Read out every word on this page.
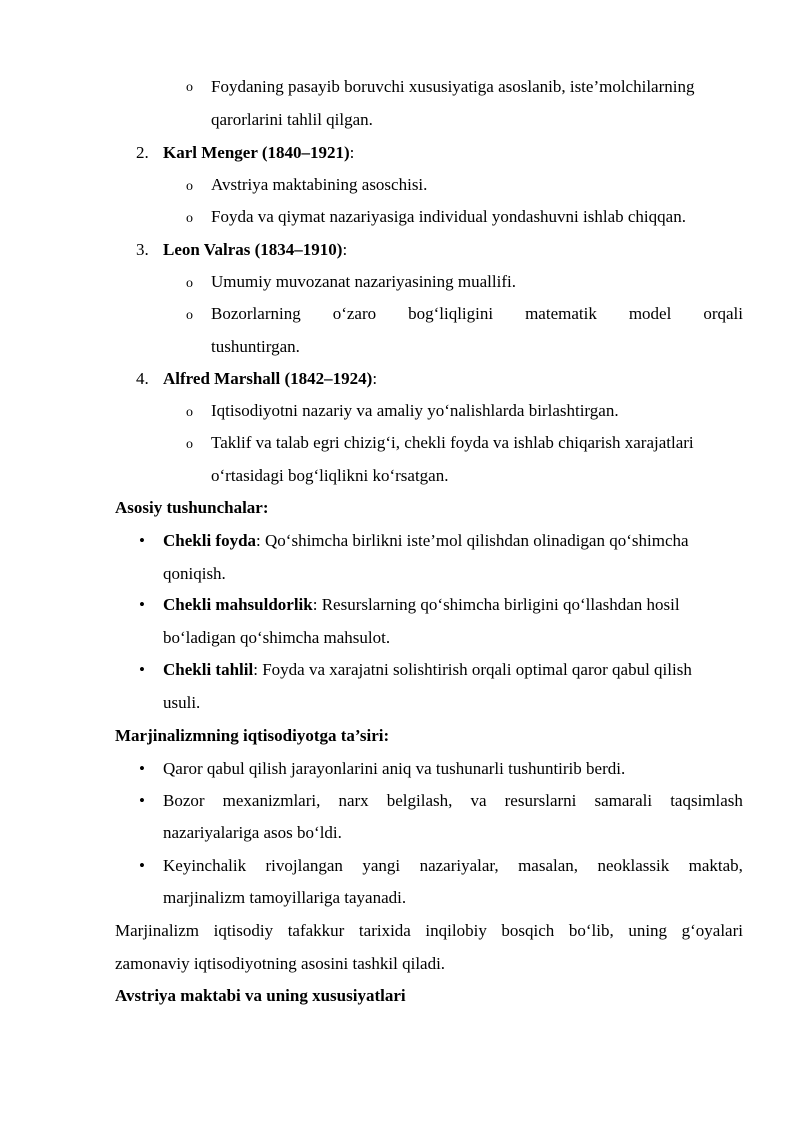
o Foydaning pasayib boruvchi xususiyatiga asoslanib, iste’molchilarning
qarorlarini tahlil qilgan.
2. Karl Menger (1840–1921):
o Avstriya maktabining asoschisi.
o Foyda va qiymat nazariyasiga individual yondashuvni ishlab chiqqan.
3. Leon Valras (1834–1910):
o Umumiy muvozanat nazariyasining muallifi.
o Bozorlarning o‘zaro bog‘liqligini matematik model orqali
tushuntirgan.
4. Alfred Marshall (1842–1924):
o Iqtisodiyotni nazariy va amaliy yo‘nalishlarda birlashtirgan.
o Taklif va talab egri chizig‘i, chekli foyda va ishlab chiqarish xarajatlari
o‘rtasidagi bog‘liqlikni ko‘rsatgan.
Asosiy tushunchalar:
• Chekli foyda: Qo‘shimcha birlikni iste’mol qilishdan olinadigan qo‘shimcha
qoniqish.
• Chekli mahsuldorlik: Resurslarning qo‘shimcha birligini qo‘llashdan hosil
bo‘ladigan qo‘shimcha mahsulot.
• Chekli tahlil: Foyda va xarajatni solishtirish orqali optimal qaror qabul qilish
usuli.
Marjinalizmning iqtisodiyotga ta’siri:
• Qaror qabul qilish jarayonlarini aniq va tushunarli tushuntirib berdi.
• Bozor mexanizmlari, narx belgilash, va resurslarni samarali taqsimlash
nazariyalariga asos bo‘ldi.
• Keyinchalik rivojlangan yangi nazariyalar, masalan, neoklassik maktab,
marjinalizm tamoyillariga tayanadi.
Marjinalizm iqtisodiy tafakkur tarixida inqilobiy bosqich bo‘lib, uning g‘oyalari
zamonaviy iqtisodiyotning asosini tashkil qiladi.
Avstriya maktabi va uning xususiyatlari
